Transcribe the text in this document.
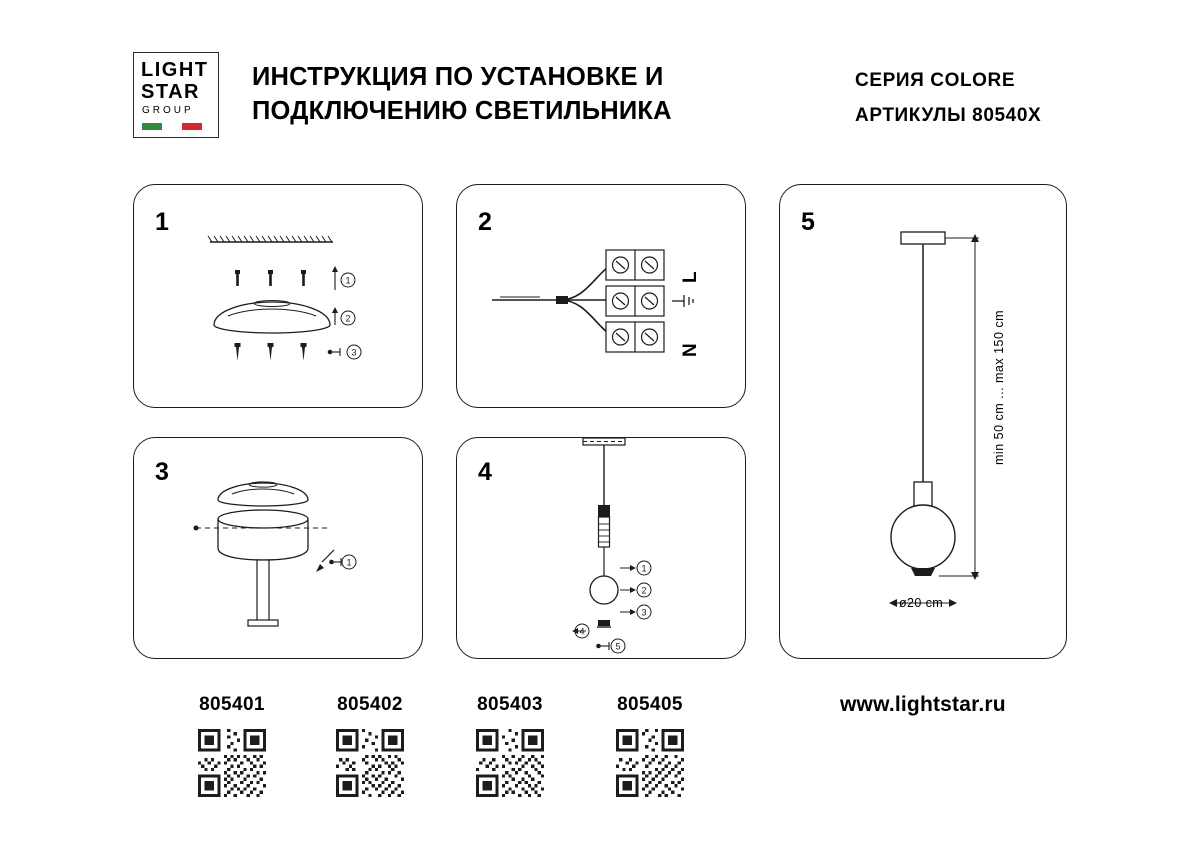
LIGHT
STAR
GROUP
ИНСТРУКЦИЯ ПО УСТАНОВКЕ И
ПОДКЛЮЧЕНИЮ СВЕТИЛЬНИКА
СЕРИЯ COLORE
АРТИКУЛЫ 80540X
1	2
3	4
5
1
2
3
1
1
2
3
4
5
L
N	min 50 cm ... max 150 cm
ø20 cm
805401	805402	805403	805405	www.lightstar.ru
